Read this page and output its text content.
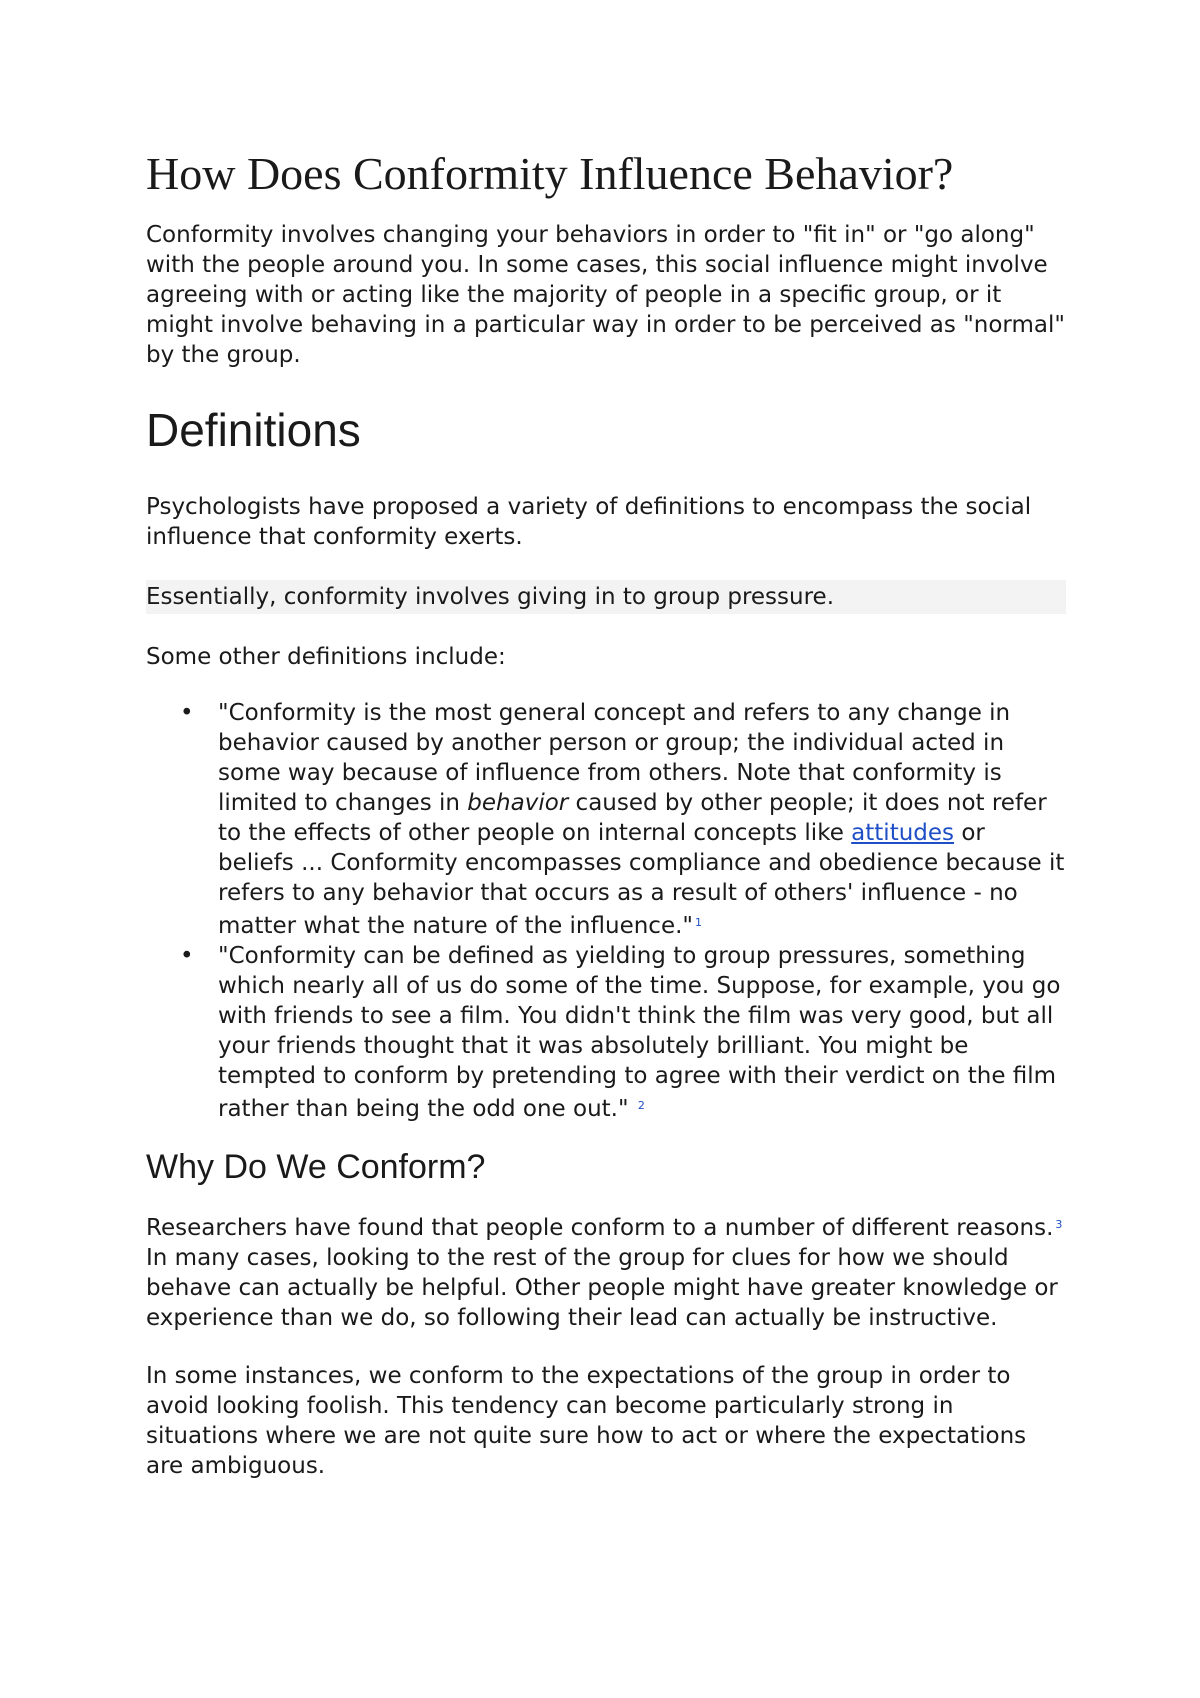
How Does Conformity Influence Behavior?

Conformity involves changing your behaviors in order to "fit in" or "go along" with the people around you. In some cases, this social influence might involve agreeing with or acting like the majority of people in a specific group, or it might involve behaving in a particular way in order to be perceived as "normal" by the group.

Definitions

Psychologists have proposed a variety of definitions to encompass the social influence that conformity exerts.

Essentially, conformity involves giving in to group pressure.

Some other definitions include:

• "Conformity is the most general concept and refers to any change in behavior caused by another person or group; the individual acted in some way because of influence from others. Note that conformity is limited to changes in behavior caused by other people; it does not refer to the effects of other people on internal concepts like attitudes or beliefs ... Conformity encompasses compliance and obedience because it refers to any behavior that occurs as a result of others' influence - no matter what the nature of the influence." $^1$
• "Conformity can be defined as yielding to group pressures, something which nearly all of us do some of the time. Suppose, for example, you go with friends to see a film. You didn't think the film was very good, but all your friends thought that it was absolutely brilliant. You might be tempted to conform by pretending to agree with their verdict on the film rather than being the odd one out." $^2$
Why Do We Conform?

Researchers have found that people conform to a number of different reasons. $^3$ In many cases, looking to the rest of the group for clues for how we should behave can actually be helpful. Other people might have greater knowledge or experience than we do, so following their lead can actually be instructive.

In some instances, we conform to the expectations of the group in order to avoid looking foolish. This tendency can become particularly strong in situations where we are not quite sure how to act or where the expectations are ambiguous.
